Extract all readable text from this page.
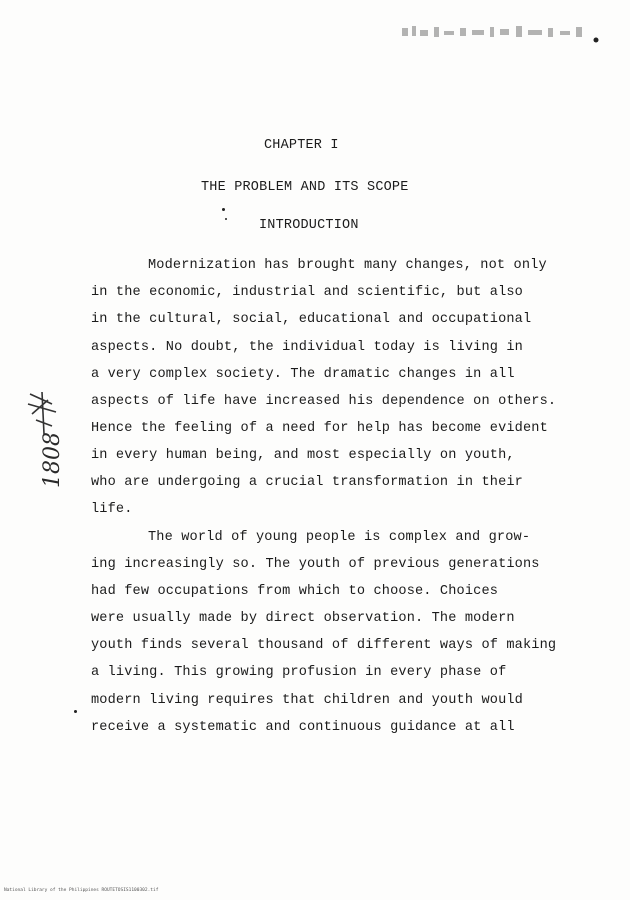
CHAPTER I
THE PROBLEM AND ITS SCOPE
INTRODUCTION
Modernization has brought many changes, not only
in the economic, industrial and scientific, but also
in the cultural, social, educational and occupational
aspects. No doubt, the individual today is living in
a very complex society. The dramatic changes in all
aspects of life have increased his dependence on others.
Hence the feeling of a need for help has become evident
in every human being, and most especially on youth,
who are undergoing a crucial transformation in their
life.
The world of young people is complex and grow-
ing increasingly so. The youth of previous generations
had few occupations from which to choose. Choices
were usually made by direct observation. The modern
youth finds several thousand of different ways of making
a living. This growing profusion in every phase of
modern living requires that children and youth would
receive a systematic and continuous guidance at all
1808
National Library of the Philippines ROUTETOSIS1100302.tif
